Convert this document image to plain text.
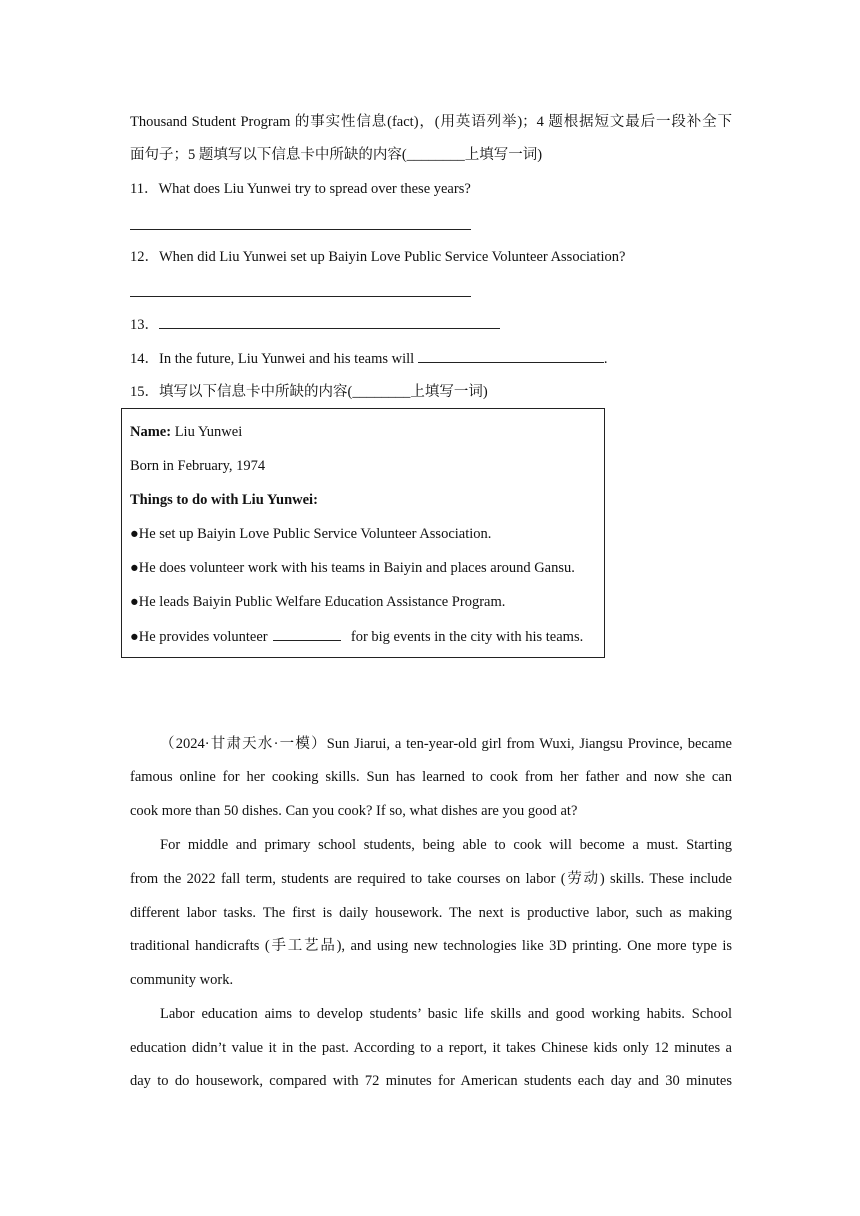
Thousand Student Program 的事实性信息(fact)，(用英语列举)；4 题根据短文最后一段补全下
面句子；5 题填写以下信息卡中所缺的内容(________上填写一词)
11．What does Liu Yunwei try to spread over these years?
12．When did Liu Yunwei set up Baiyin Love Public Service Volunteer Association?
13．
14．In the future, Liu Yunwei and his teams will	.
15．填写以下信息卡中所缺的内容(________上填写一词)
Name: Liu Yunwei
Born in February, 1974
Things to do with Liu Yunwei:
●He set up Baiyin Love Public Service Volunteer Association.
●He does volunteer work with his teams in Baiyin and places around Gansu.
●He leads Baiyin Public Welfare Education Assistance Program.
●He provides volunteer	for big events in the city with his teams.
（2024·甘肃天水·一模）Sun Jiarui, a ten-year-old girl from Wuxi, Jiangsu Province, became
famous online for her cooking skills. Sun has learned to cook from her father and now she can
cook more than 50 dishes. Can you cook? If so, what dishes are you good at?
For middle and primary school students, being able to cook will become a must. Starting
from the 2022 fall term, students are required to take courses on labor (劳动) skills. These include
different labor tasks. The first is daily housework. The next is productive labor, such as making
traditional handicrafts (手工艺品), and using new technologies like 3D printing. One more type is
community work.
Labor education aims to develop students’ basic life skills and good working habits. School
education didn’t value it in the past. According to a report, it takes Chinese kids only 12 minutes a
day to do housework, compared with 72 minutes for American students each day and 30 minutes
